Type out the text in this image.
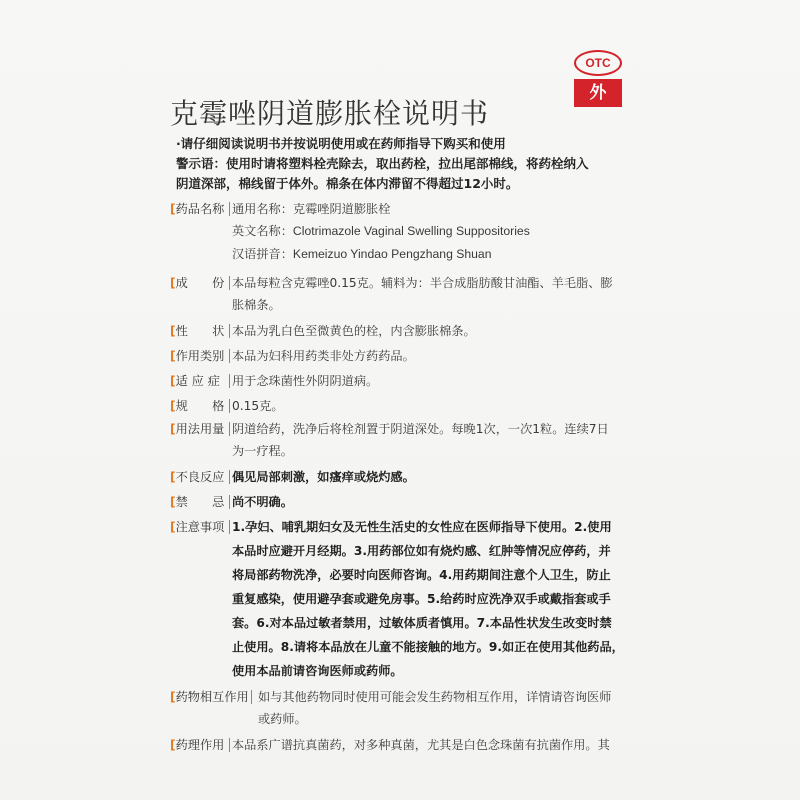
OTC
外
克霉唑阴道膨胀栓说明书

·请仔细阅读说明书并按说明使用或在药师指导下购买和使用

警示语：使用时请将塑料栓壳除去，取出药栓，拉出尾部棉线，将药栓纳入

阴道深部，棉线留于体外。棉条在体内滞留不得超过12小时。

[ 药品名称 通用名称：克霉唑阴道膨胀栓
英文名称：Clotrimazole Vaginal Swelling Suppositories
汉语拼音：Kemeizuo Yindao Pengzhang Shuan
[ 成　　份 本品每粒含克霉唑0.15克。辅料为：半合成脂肪酸甘油酯、羊毛脂、膨
胀棉条。
[ 性　　状 本品为乳白色至微黄色的栓，内含膨胀棉条。
[ 作用类别 本品为妇科用药类非处方药药品。
[ 适 应 症 用于念珠菌性外阴阴道病。
[ 规　　格 0.15克。
[ 用法用量 阴道给药，洗净后将栓剂置于阴道深处。每晚1次，一次1粒。连续7日
为一疗程。
[ 不良反应 偶见局部刺激，如瘙痒或烧灼感。
[ 禁　　忌 尚不明确。
[ 注意事项 1.孕妇、哺乳期妇女及无性生活史的女性应在医师指导下使用。2.使用
本品时应避开月经期。3.用药部位如有烧灼感、红肿等情况应停药，并
将局部药物洗净，必要时向医师咨询。4.用药期间注意个人卫生，防止
重复感染，使用避孕套或避免房事。5.给药时应洗净双手或戴指套或手
套。6.对本品过敏者禁用，过敏体质者慎用。7.本品性状发生改变时禁
止使用。8.请将本品放在儿童不能接触的地方。9.如正在使用其他药品，
使用本品前请咨询医师或药师。
[ 药物相互作用 如与其他药物同时使用可能会发生药物相互作用，详情请咨询医师
或药师。
[ 药理作用 本品系广谱抗真菌药，对多种真菌，尤其是白色念珠菌有抗菌作用。其
